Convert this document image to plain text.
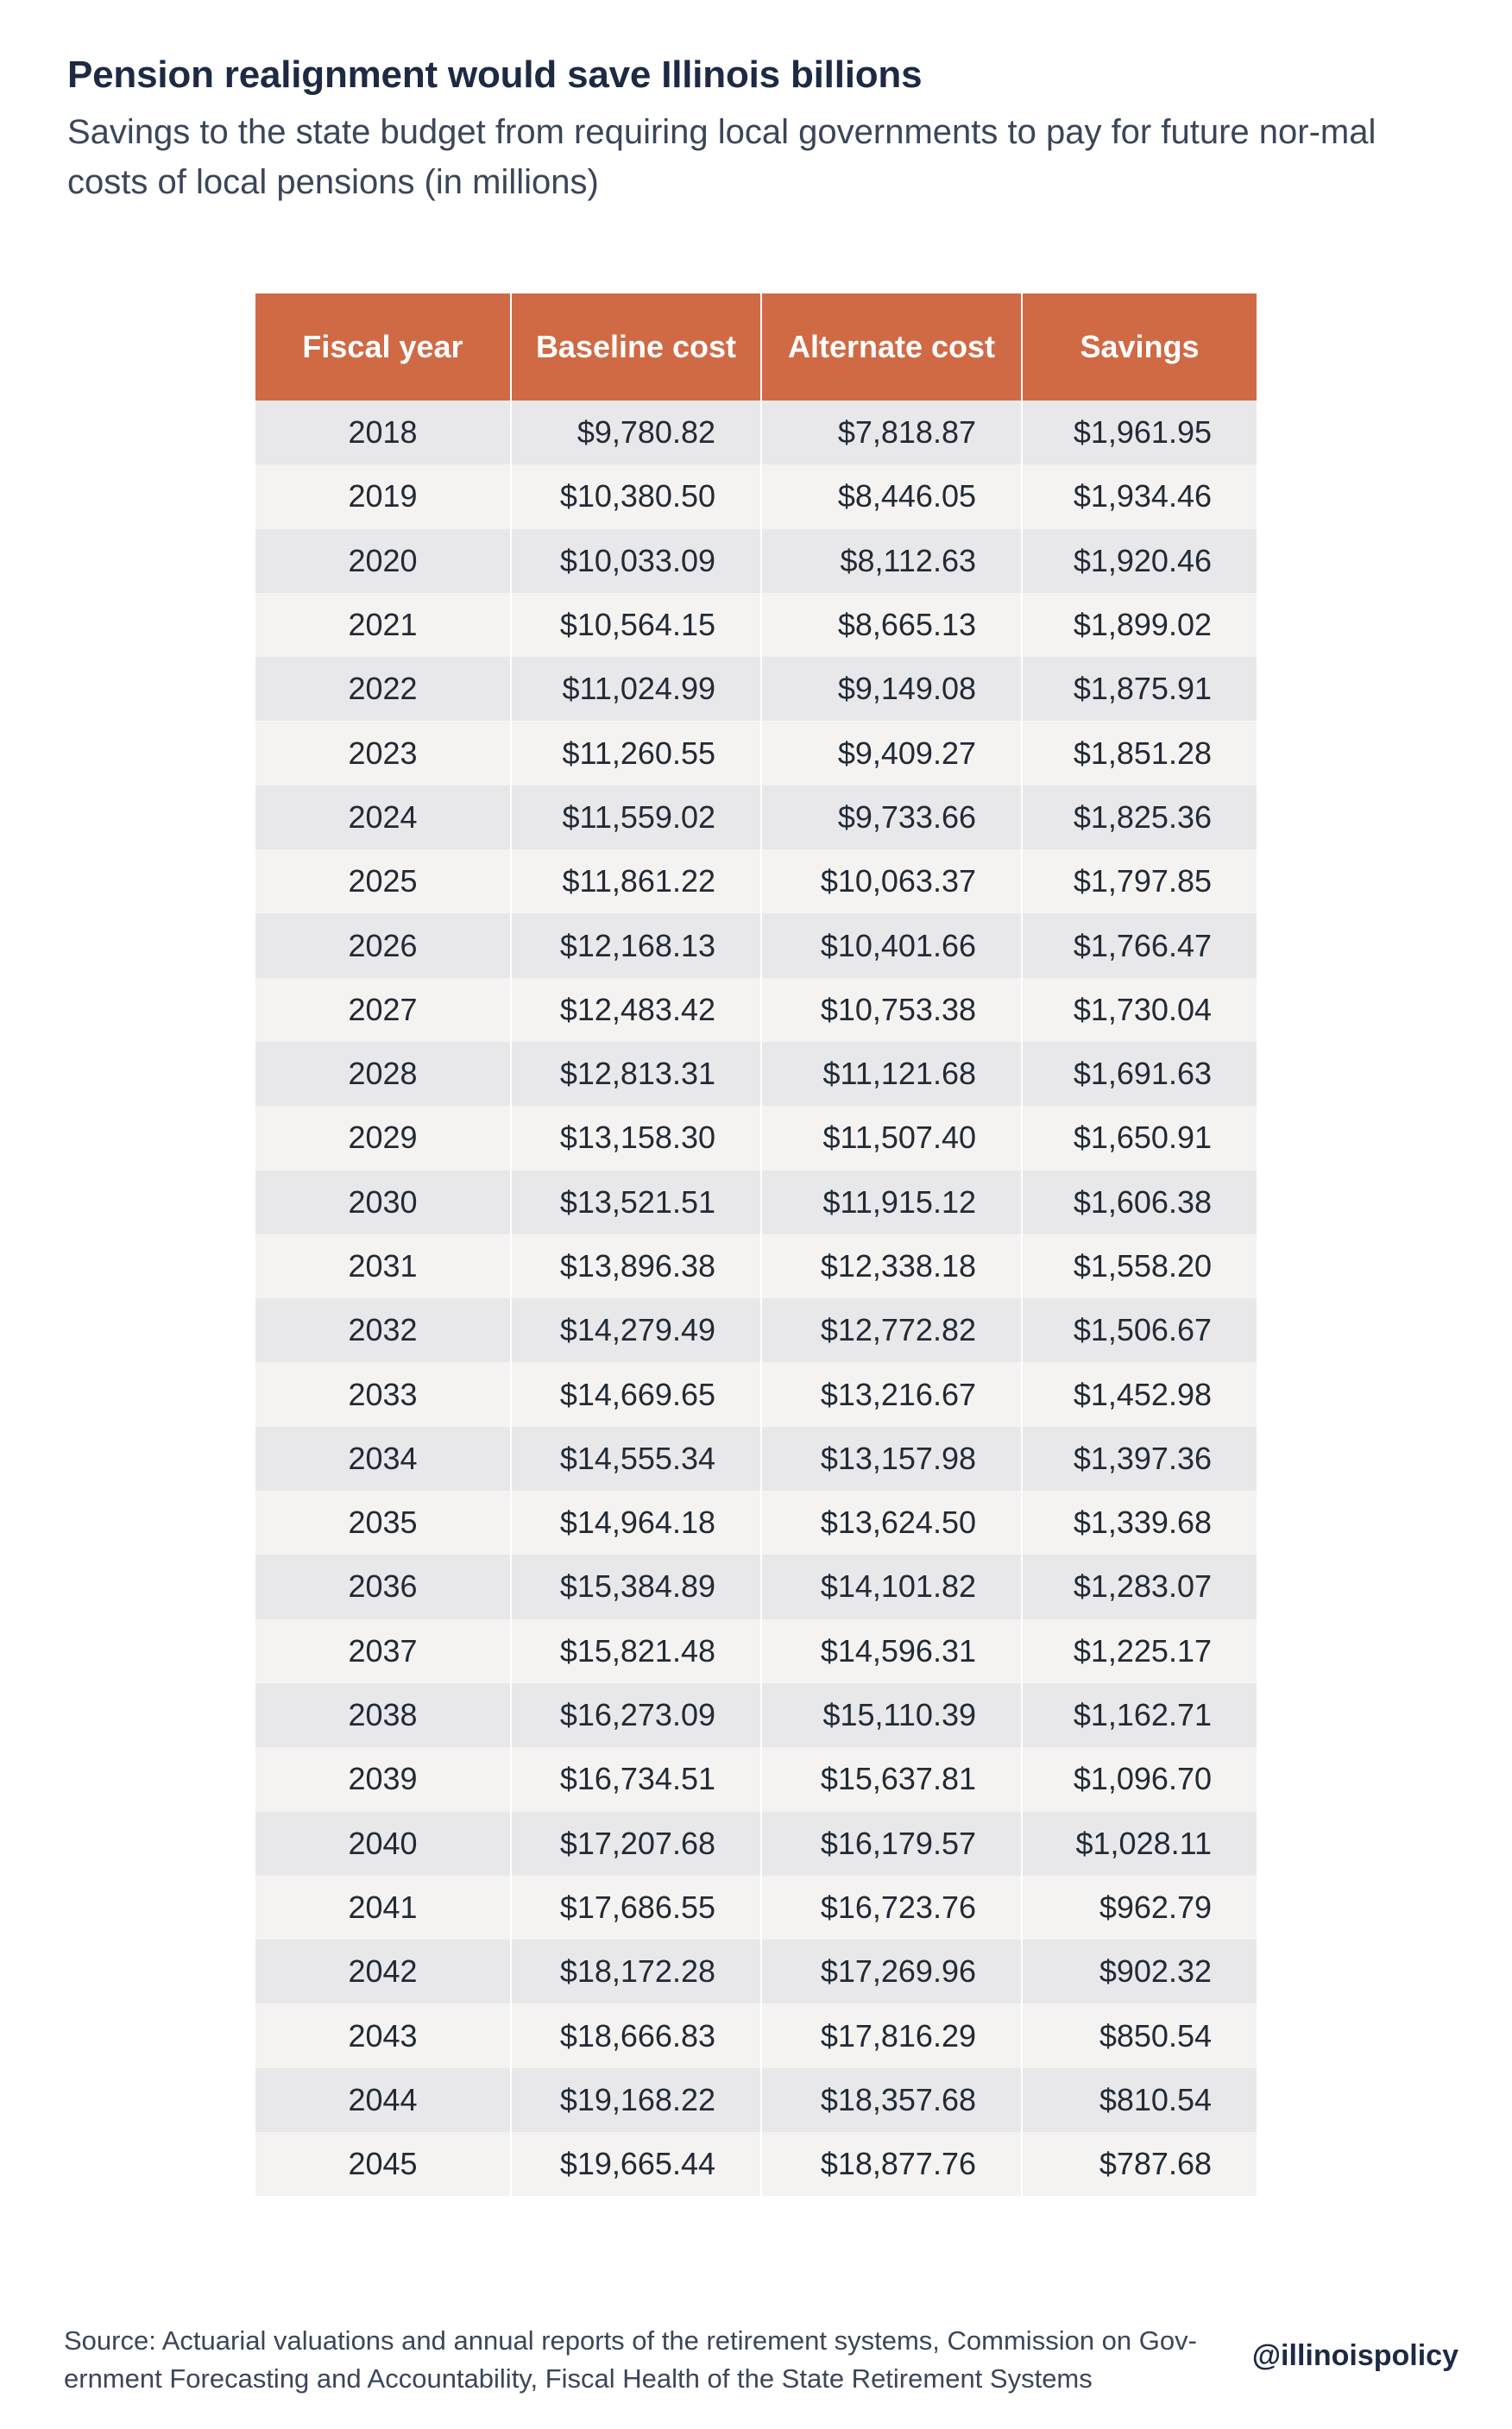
Pension realignment would save Illinois billions
Savings to the state budget from requiring local governments to pay for future nor-mal costs of local pensions (in millions)
Fiscal year	Baseline cost	Alternate cost	Savings
2018	$9,780.82	$7,818.87	$1,961.95
2019	$10,380.50	$8,446.05	$1,934.46
2020	$10,033.09	$8,112.63	$1,920.46
2021	$10,564.15	$8,665.13	$1,899.02
2022	$11,024.99	$9,149.08	$1,875.91
2023	$11,260.55	$9,409.27	$1,851.28
2024	$11,559.02	$9,733.66	$1,825.36
2025	$11,861.22	$10,063.37	$1,797.85
2026	$12,168.13	$10,401.66	$1,766.47
2027	$12,483.42	$10,753.38	$1,730.04
2028	$12,813.31	$11,121.68	$1,691.63
2029	$13,158.30	$11,507.40	$1,650.91
2030	$13,521.51	$11,915.12	$1,606.38
2031	$13,896.38	$12,338.18	$1,558.20
2032	$14,279.49	$12,772.82	$1,506.67
2033	$14,669.65	$13,216.67	$1,452.98
2034	$14,555.34	$13,157.98	$1,397.36
2035	$14,964.18	$13,624.50	$1,339.68
2036	$15,384.89	$14,101.82	$1,283.07
2037	$15,821.48	$14,596.31	$1,225.17
2038	$16,273.09	$15,110.39	$1,162.71
2039	$16,734.51	$15,637.81	$1,096.70
2040	$17,207.68	$16,179.57	$1,028.11
2041	$17,686.55	$16,723.76	$962.79
2042	$18,172.28	$17,269.96	$902.32
2043	$18,666.83	$17,816.29	$850.54
2044	$19,168.22	$18,357.68	$810.54
2045	$19,665.44	$18,877.76	$787.68
Source: Actuarial valuations and annual reports of the retirement systems, Commission on Gov-ernment Forecasting and Accountability, Fiscal Health of the State Retirement Systems
@illinoispolicy
